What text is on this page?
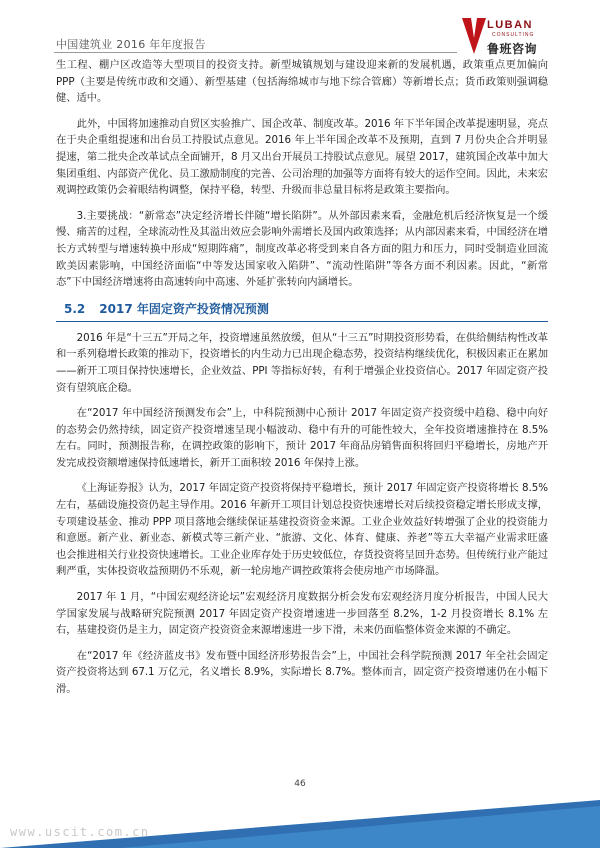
中国建筑业 2016 年年度报告
LUBAN
CONSULTING
鲁班咨询

生工程、棚户区改造等大型项目的投资支持。新型城镇规划与建设迎来新的发展机遇，政策重点更加偏向 PPP（主要是传统市政和交通）、新型基建（包括海绵城市与地下综合管廊）等新增长点；货币政策则强调稳健、适中。

此外，中国将加速推动自贸区实验推广、国企改革、制度改革。2016 年下半年国企改革提速明显，亮点在于央企重组提速和出台员工持股试点意见。2016 年上半年国企改革不及预期，直到 7 月份央企合并明显提速，第二批央企改革试点全面铺开，8 月又出台开展员工持股试点意见。展望 2017，建筑国企改革中加大集团重组、内部资产优化、员工激励制度的完善、公司治理的加强等方面将有较大的运作空间。因此，未来宏观调控政策仍会着眼结构调整，保持平稳，转型、升级而非总量目标将是政策主要指向。

3.主要挑战：“新常态”决定经济增长伴随“增长陷阱”。从外部因素来看，金融危机后经济恢复是一个缓慢、痛苦的过程，全球流动性及其溢出效应会影响外需增长及国内政策选择；从内部因素来看，中国经济在增长方式转型与增速转换中形成“短期阵痛”，制度改革必将受到来自各方面的阻力和压力，同时受制造业回流欧美因素影响，中国经济面临“中等发达国家收入陷阱”、“流动性陷阱”等各方面不利因素。因此，“新常态”下中国经济增速将由高速转向中高速、外延扩张转向内涵增长。

5.2 2017 年固定资产投资情况预测

2016 年是“十三五”开局之年，投资增速虽然放缓，但从“十三五”时期投资形势看，在供给侧结构性改革和一系列稳增长政策的推动下，投资增长的内生动力已出现企稳态势，投资结构继续优化，积极因素正在累加——新开工项目保持快速增长，企业效益、PPI 等指标好转，有利于增强企业投资信心。2017 年固定资产投资有望筑底企稳。

在“2017 年中国经济预测发布会”上，中科院预测中心预计 2017 年固定资产投资缓中趋稳、稳中向好的态势会仍然持续，固定资产投资增速呈现小幅波动、稳中有升的可能性较大，全年投资增速推持在 8.5% 左右。同时，预测报告称，在调控政策的影响下，预计 2017 年商品房销售面积将回归平稳增长，房地产开发完成投资额增速保持低速增长，新开工面积较 2016 年保持上涨。

《上海证券报》认为，2017 年固定资产投资将保持平稳增长，预计 2017 年固定资产投资将增长 8.5% 左右，基础设施投资仍起主导作用。2016 年新开工项目计划总投资快速增长对后续投资稳定增长形成支撑，专项建设基金、推动 PPP 项目落地会继续保证基建投资资金来源。工业企业效益好转增强了企业的投资能力和意愿。新产业、新业态、新模式等三新产业、“旅游、文化、体育、健康、养老”等五大幸福产业需求旺盛也会推进相关行业投资快速增长。工业企业库存处于历史较低位，存货投资将呈回升态势。但传统行业产能过剩严重，实体投资收益预期仍不乐观，新一轮房地产调控政策将会使房地产市场降温。

2017 年 1 月，“中国宏观经济论坛”宏观经济月度数据分析会发布宏观经济月度分析报告，中国人民大学国家发展与战略研究院预测 2017 年固定资产投资增速进一步回落至 8.2%，1-2 月投资增长 8.1% 左右，基建投资仍是主力，固定资产投资资金来源增速进一步下滑，未来仍面临整体资金来源的不确定。

在“2017 年《经济蓝皮书》发布暨中国经济形势报告会”上，中国社会科学院预测 2017 年全社会固定资产投资将达到 67.1 万亿元，名义增长 8.9%，实际增长 8.7%。整体而言，固定资产投资增速仍在小幅下滑。

46
www.uscit.com.cn
